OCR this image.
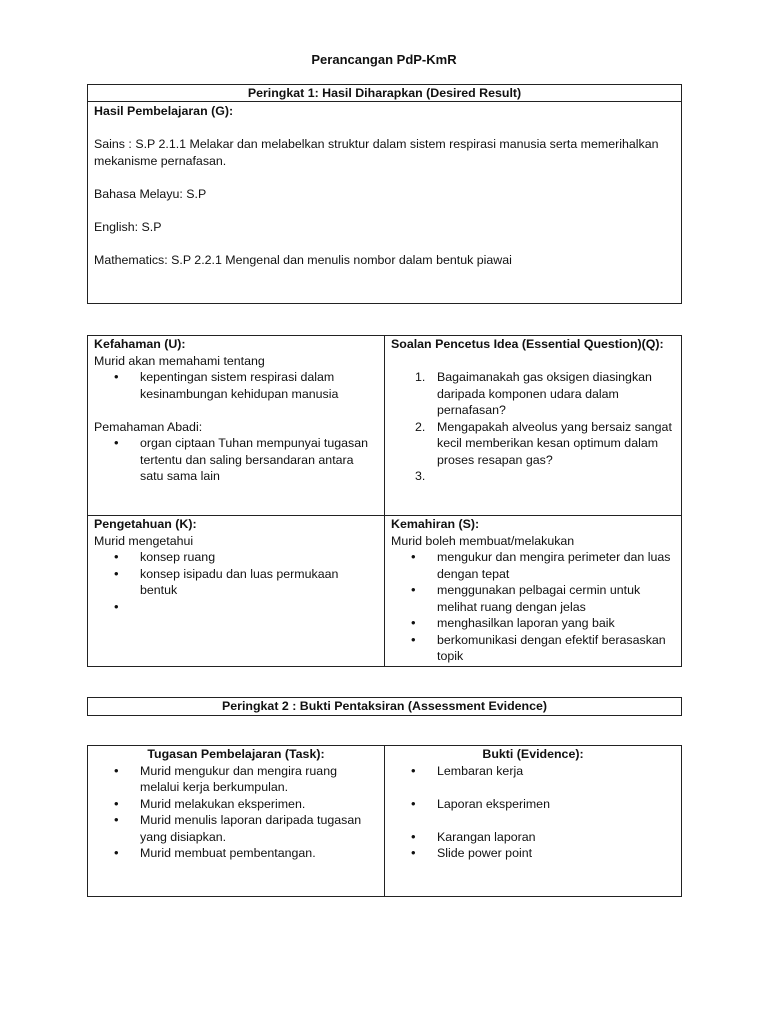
Perancangan PdP-KmR
Peringkat 1: Hasil Diharapkan (Desired Result)
Hasil Pembelajaran (G):
Sains : S.P 2.1.1 Melakar dan melabelkan struktur dalam sistem respirasi manusia serta memerihalkan mekanisme pernafasan.
Bahasa Melayu: S.P
English: S.P
Mathematics: S.P 2.2.1 Mengenal dan menulis nombor dalam bentuk piawai
Kefahaman (U):
Murid akan memahami tentang
• kepentingan sistem respirasi dalam kesinambungan kehidupan manusia
Pemahaman Abadi:
• organ ciptaan Tuhan mempunyai tugasan tertentu dan saling bersandaran antara satu sama lain
Soalan Pencetus Idea (Essential Question)(Q):
1. Bagaimanakah gas oksigen diasingkan daripada komponen udara dalam pernafasan?
2. Mengapakah alveolus yang bersaiz sangat kecil memberikan kesan optimum dalam proses resapan gas?
3.

Pengetahuan (K):
Murid mengetahui
• konsep ruang
• konsep isipadu dan luas permukaan bentuk
•
Kemahiran (S):
Murid boleh membuat/melakukan
• mengukur dan mengira perimeter dan luas dengan tepat
• menggunakan pelbagai cermin untuk melihat ruang dengan jelas
• menghasilkan laporan yang baik
• berkomunikasi dengan efektif berasaskan topik
Peringkat 2 : Bukti Pentaksiran (Assessment Evidence)
Tugasan Pembelajaran (Task):
• Murid mengukur dan mengira ruang melalui kerja berkumpulan.
• Murid melakukan eksperimen.
• Murid menulis laporan daripada tugasan yang disiapkan.
• Murid membuat pembentangan.
Bukti (Evidence):
• Lembaran kerja

• Laporan eksperimen

• Karangan laporan
• Slide power point
